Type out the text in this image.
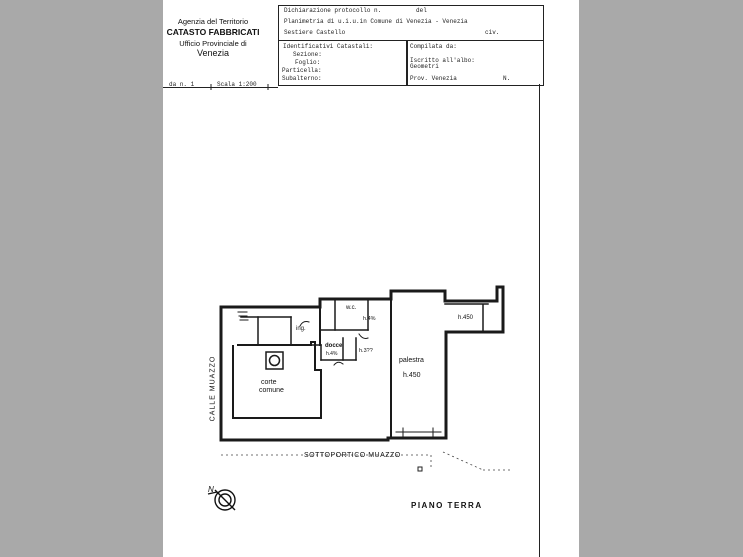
Agenzia del Territorio
CATASTO FABBRICATI
Ufficio Provinciale di
Venezia
Dichiarazione protocollo n.	del
Planimetria di u.i.u.in Comune di Venezia - Venezia
Sestiere Castello	civ.
Identificativi Catastali:
Sezione:
Foglio:
Particella:
Subalterno:
Compilata da:
Iscritto all'albo:
Geometri
Prov. Venezia	N.
da n. 1	Scala 1:200
w.c.
h.4%
ing.
docce
h.4%	h.3??
h.450
palestra
h.450
corte
comune
CALLE MUAZZO
SOTTOPORTICO MUAZZO
PIANO TERRA
N
